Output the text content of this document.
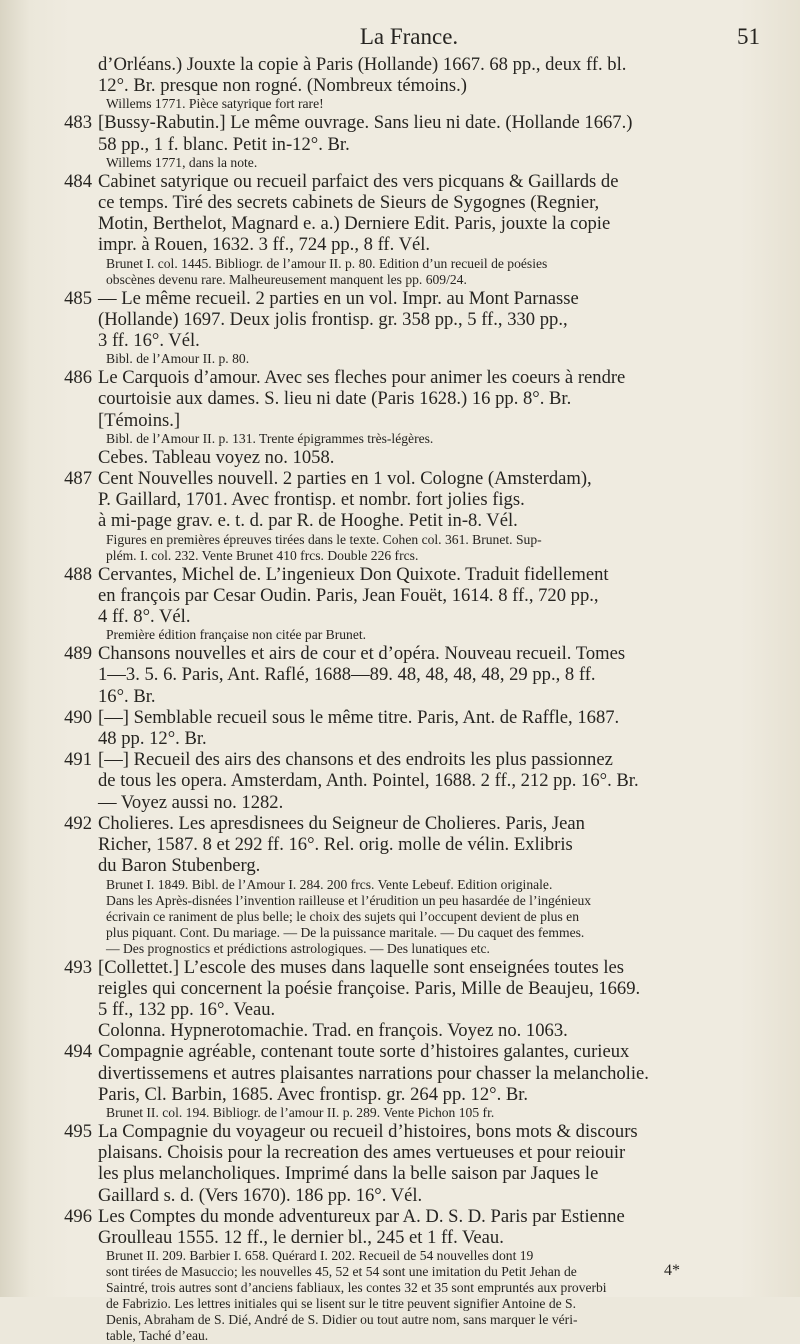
La France.	51
d’Orléans.) Jouxte la copie à Paris (Hollande) 1667. 68 pp., deux ff. bl.
12°. Br. presque non rogné. (Nombreux témoins.)
Willems 1771. Pièce satyrique fort rare!
483 [Bussy-Rabutin.] Le même ouvrage. Sans lieu ni date. (Hollande 1667.)
58 pp., 1 f. blanc. Petit in-12°. Br.
Willems 1771, dans la note.
484 Cabinet satyrique ou recueil parfaict des vers picquans & Gaillards de
ce temps. Tiré des secrets cabinets de Sieurs de Sygognes (Regnier,
Motin, Berthelot, Magnard e. a.) Derniere Edit. Paris, jouxte la copie
impr. à Rouen, 1632. 3 ff., 724 pp., 8 ff. Vél.
Brunet I. col. 1445. Bibliogr. de l’amour II. p. 80. Edition d’un recueil de poésies
obscènes devenu rare. Malheureusement manquent les pp. 609/24.
485 — Le même recueil. 2 parties en un vol. Impr. au Mont Parnasse
(Hollande) 1697. Deux jolis frontisp. gr. 358 pp., 5 ff., 330 pp.,
3 ff. 16°. Vél.
Bibl. de l’Amour II. p. 80.
486 Le Carquois d’amour. Avec ses fleches pour animer les coeurs à rendre
courtoisie aux dames. S. lieu ni date (Paris 1628.) 16 pp. 8°. Br.
[Témoins.]
Bibl. de l’Amour II. p. 131. Trente épigrammes très-légères.
Cebes. Tableau voyez no. 1058.
487 Cent Nouvelles nouvell. 2 parties en 1 vol. Cologne (Amsterdam),
P. Gaillard, 1701. Avec frontisp. et nombr. fort jolies figs.
à mi-page grav. e. t. d. par R. de Hooghe. Petit in-8. Vél.
Figures en premières épreuves tirées dans le texte. Cohen col. 361. Brunet. Sup-
plém. I. col. 232. Vente Brunet 410 frcs. Double 226 frcs.
488 Cervantes, Michel de. L’ingenieux Don Quixote. Traduit fidellement
en françois par Cesar Oudin. Paris, Jean Fouët, 1614. 8 ff., 720 pp.,
4 ff. 8°. Vél.
Première édition française non citée par Brunet.
489 Chansons nouvelles et airs de cour et d’opéra. Nouveau recueil. Tomes
1—3. 5. 6. Paris, Ant. Raflé, 1688—89. 48, 48, 48, 48, 29 pp., 8 ff.
16°. Br.
490 [—] Semblable recueil sous le même titre. Paris, Ant. de Raffle, 1687.
48 pp. 12°. Br.
491 [—] Recueil des airs des chansons et des endroits les plus passionnez
de tous les opera. Amsterdam, Anth. Pointel, 1688. 2 ff., 212 pp. 16°. Br.
— Voyez aussi no. 1282.
492 Cholieres. Les apresdisnees du Seigneur de Cholieres. Paris, Jean
Richer, 1587. 8 et 292 ff. 16°. Rel. orig. molle de vélin. Exlibris
du Baron Stubenberg.
Brunet I. 1849. Bibl. de l’Amour I. 284. 200 frcs. Vente Lebeuf. Edition originale.
Dans les Après-disnées l’invention railleuse et l’érudition un peu hasardée de l’ingénieux
écrivain ce raniment de plus belle; le choix des sujets qui l’occupent devient de plus en
plus piquant. Cont. Du mariage. — De la puissance maritale. — Du caquet des femmes.
— Des prognostics et prédictions astrologiques. — Des lunatiques etc.
493 [Collettet.] L’escole des muses dans laquelle sont enseignées toutes les
reigles qui concernent la poésie françoise. Paris, Mille de Beaujeu, 1669.
5 ff., 132 pp. 16°. Veau.
Colonna. Hypnerotomachie. Trad. en françois. Voyez no. 1063.
494 Compagnie agréable, contenant toute sorte d’histoires galantes, curieux
divertissemens et autres plaisantes narrations pour chasser la melancholie.
Paris, Cl. Barbin, 1685. Avec frontisp. gr. 264 pp. 12°. Br.
Brunet II. col. 194. Bibliogr. de l’amour II. p. 289. Vente Pichon 105 fr.
495 La Compagnie du voyageur ou recueil d’histoires, bons mots & discours
plaisans. Choisis pour la recreation des ames vertueuses et pour reiouir
les plus melancholiques. Imprimé dans la belle saison par Jaques le
Gaillard s. d. (Vers 1670). 186 pp. 16°. Vél.
496 Les Comptes du monde adventureux par A. D. S. D. Paris par Estienne
Groulleau 1555. 12 ff., le dernier bl., 245 et 1 ff. Veau.
Brunet II. 209. Barbier I. 658. Quérard I. 202. Recueil de 54 nouvelles dont 19
sont tirées de Masuccio; les nouvelles 45, 52 et 54 sont une imitation du Petit Jehan de
Saintré, trois autres sont d’anciens fabliaux, les contes 32 et 35 sont empruntés aux proverbi
de Fabrizio. Les lettres initiales qui se lisent sur le titre peuvent signifier Antoine de S.
Denis, Abraham de S. Dié, André de S. Didier ou tout autre nom, sans marquer le véri-
table, Taché d’eau.
4*
